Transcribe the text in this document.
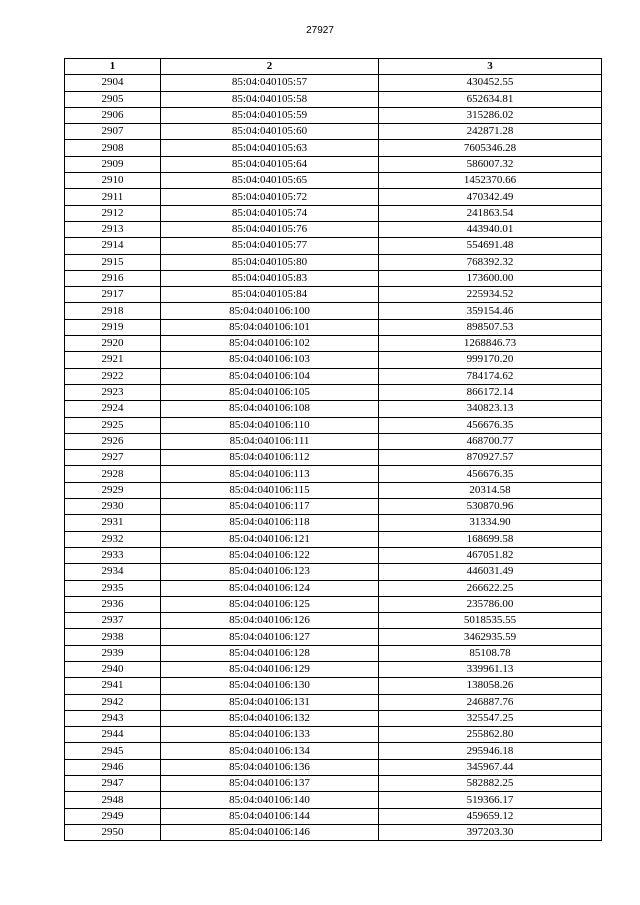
27927
1	2	3
2904	85:04:040105:57	430452.55
2905	85:04:040105:58	652634.81
2906	85:04:040105:59	315286.02
2907	85:04:040105:60	242871.28
2908	85:04:040105:63	7605346.28
2909	85:04:040105:64	586007.32
2910	85:04:040105:65	1452370.66
2911	85:04:040105:72	470342.49
2912	85:04:040105:74	241863.54
2913	85:04:040105:76	443940.01
2914	85:04:040105:77	554691.48
2915	85:04:040105:80	768392.32
2916	85:04:040105:83	173600.00
2917	85:04:040105:84	225934.52
2918	85:04:040106:100	359154.46
2919	85:04:040106:101	898507.53
2920	85:04:040106:102	1268846.73
2921	85:04:040106:103	999170.20
2922	85:04:040106:104	784174.62
2923	85:04:040106:105	866172.14
2924	85:04:040106:108	340823.13
2925	85:04:040106:110	456676.35
2926	85:04:040106:111	468700.77
2927	85:04:040106:112	870927.57
2928	85:04:040106:113	456676.35
2929	85:04:040106:115	20314.58
2930	85:04:040106:117	530870.96
2931	85:04:040106:118	31334.90
2932	85:04:040106:121	168699.58
2933	85:04:040106:122	467051.82
2934	85:04:040106:123	446031.49
2935	85:04:040106:124	266622.25
2936	85:04:040106:125	235786.00
2937	85:04:040106:126	5018535.55
2938	85:04:040106:127	3462935.59
2939	85:04:040106:128	85108.78
2940	85:04:040106:129	339961.13
2941	85:04:040106:130	138058.26
2942	85:04:040106:131	246887.76
2943	85:04:040106:132	325547.25
2944	85:04:040106:133	255862.80
2945	85:04:040106:134	295946.18
2946	85:04:040106:136	345967.44
2947	85:04:040106:137	582882.25
2948	85:04:040106:140	519366.17
2949	85:04:040106:144	459659.12
2950	85:04:040106:146	397203.30
